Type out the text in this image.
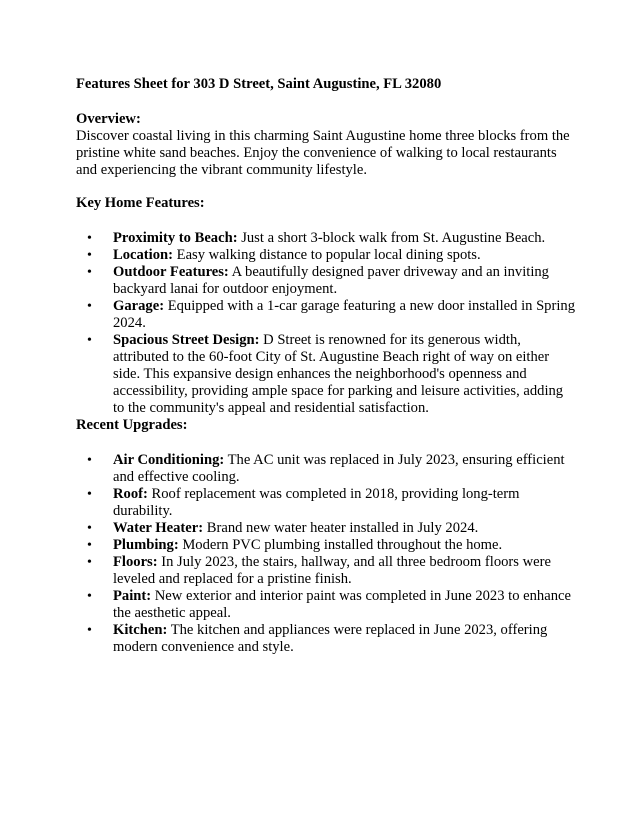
Features Sheet for 303 D Street, Saint Augustine, FL 32080

Overview:

Discover coastal living in this charming Saint Augustine home three blocks from the pristine white sand beaches. Enjoy the convenience of walking to local restaurants and experiencing the vibrant community lifestyle.

Key Home Features:

• Proximity to Beach: Just a short 3-block walk from St. Augustine Beach.
• Location: Easy walking distance to popular local dining spots.
• Outdoor Features: A beautifully designed paver driveway and an inviting backyard lanai for outdoor enjoyment.
• Garage: Equipped with a 1-car garage featuring a new door installed in Spring 2024.
• Spacious Street Design: D Street is renowned for its generous width, attributed to the 60-foot City of St. Augustine Beach right of way on either side. This expansive design enhances the neighborhood's openness and accessibility, providing ample space for parking and leisure activities, adding to the community's appeal and residential satisfaction.

Recent Upgrades:

• Air Conditioning: The AC unit was replaced in July 2023, ensuring efficient and effective cooling.
• Roof: Roof replacement was completed in 2018, providing long-term durability.
• Water Heater: Brand new water heater installed in July 2024.
• Plumbing: Modern PVC plumbing installed throughout the home.
• Floors: In July 2023, the stairs, hallway, and all three bedroom floors were leveled and replaced for a pristine finish.
• Paint: New exterior and interior paint was completed in June 2023 to enhance the aesthetic appeal.
• Kitchen: The kitchen and appliances were replaced in June 2023, offering modern convenience and style.
